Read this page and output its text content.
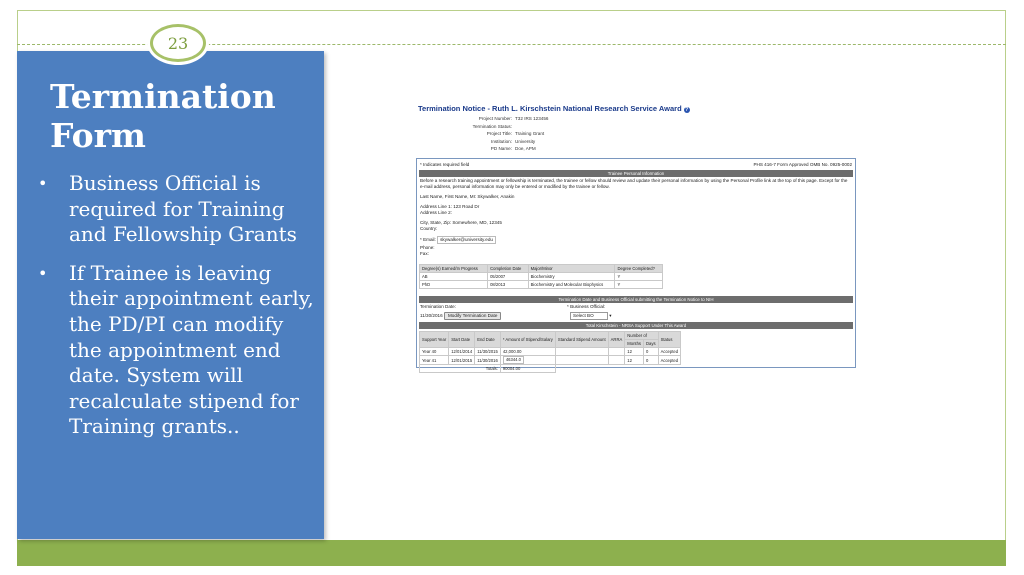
23
Termination
Form
• Business Official is required for Training and Fellowship Grants
• If Trainee is leaving their appointment early, the PD/PI can modify the appointment end date. System will recalculate stipend for Training grants..
Termination Notice - Ruth L. Kirschstein National Research Service Award ?
Project Number: T32 IRS 123456
Termination Status:
Project Title: Training Grant
Institution: University
PD Name: Doe, APM
* Indicates required field	PHS 416-7 Form Approved OMB No. 0925-0002
Trainee Personal Information
Before a research training appointment or fellowship is terminated, the trainee or fellow should review and update their personal information by using the Personal Profile link at the top of this page. Except for the e-mail address, personal information may only be entered or modified by the trainee or fellow.
Last Name, First Name, MI: Skywalker, Anakin
Address Line 1: 123 Road Dr
Address Line 2:
City, State, Zip: Somewhere, MD, 12345
Country:
* Email: skywalker@university.edu
Phone:
Fax:
Degree(s) Earned/In Progress	Completion Date	Major/Minor	Degree Completed?
AB	05/2007	Biochemistry	Y
PhD	08/2013	Biochemistry and Molecular Biophysics	Y
Termination Date and Business Official submitting the Termination Notice to NIH
Termination Date:
11/30/2016 Modify Termination Date
* Business Official:
Select BO	▾
Total Kirschstein - NRSA Support Under This Award
Support Year	Start Date	End Date	* Amount of Stipend/Salary	Standard Stipend Amount	ARRA	Number of		Status
						Months	Days	
Year 40	12/01/2014	11/30/2015	42,000.00			12	0	Accepted
Year 41	12/01/2015	11/30/2016	46344.0			12	0	Accepted
Totals:			90004.00					
